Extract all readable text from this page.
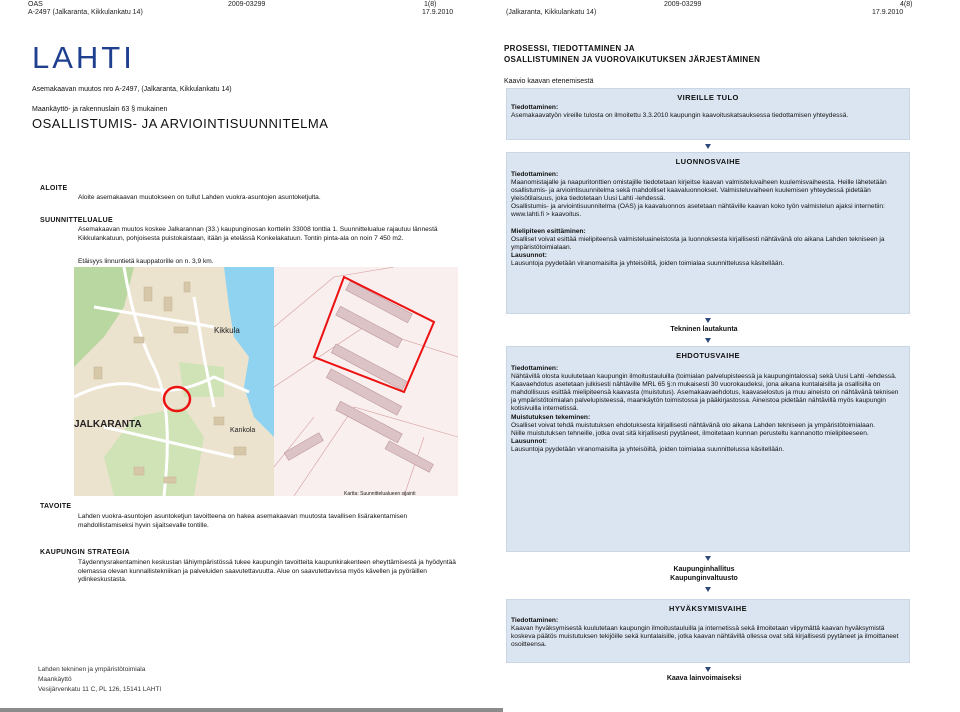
OAS
A-2497 (Jalkaranta, Kikkulankatu 14)
2009-03299	1(8)
17.9.2010
LAHTI
Asemakaavan muutos nro A-2497, (Jalkaranta, Kikkulankatu 14)
Maankäyttö- ja rakennuslain 63 § mukainen
OSALLISTUMIS- JA ARVIOINTISUUNNITELMA
ALOITE
Aloite asemakaavan muutokseen on tullut Lahden vuokra-asuntojen asuntoketjulta.
SUUNNITTELUALUE
Asemakaavan muutos koskee Jalkarannan (33.) kaupunginosan korttelin 33008 tonttia 1. Suunnittelualue rajautuu lännestä Kikkulankatuun, pohjoisesta puistokaistaan, itään ja etelässä Konkelakatuun. Tontin pinta-ala on noin 7 450 m2.
Etäisyys linnuntietä kauppatorille on n. 3,9 km.
Kikkula
JALKARANTA
Kankola
Kartta: Suunnittelualueen sijainti
TAVOITE
Lahden vuokra-asuntojen asuntoketjun tavoitteena on hakea asemakaavan muutosta tavallisen lisärakentamisen mahdollistamiseksi hyvin sijaitsevalle tontille.
KAUPUNGIN STRATEGIA
Täydennysrakentaminen keskustan lähiympäristössä tukee kaupungin tavoitteita kaupunkirakenteen eheyttämisestä ja hyödyntää olemassa olevan kunnallistekniikan ja palveluiden saavutettavuutta. Alue on saavutettavissa myös kävellen ja pyöräillen ydinkeskustasta.
Lahden tekninen ja ympäristötoimiala
Maankäyttö
Vesijärvenkatu 11 C, PL 126, 15141 LAHTI
(Jalkaranta, Kikkulankatu 14)
2009-03299	4(8)
17.9.2010
PROSESSI, TIEDOTTAMINEN JA
OSALLISTUMINEN JA VUOROVAIKUTUKSEN JÄRJESTÄMINEN
Kaavio kaavan etenemisestä
VIREILLE TULO
Tiedottaminen:
Asemakaavatyön vireille tulosta on ilmoitettu 3.3.2010 kaupungin kaavoituskatsauksessa tiedottamisen yhteydessä.
LUONNOSVAIHE
Tiedottaminen:
Maanomistajalle ja naapuritonttien omistajille tiedotetaan kirjeitse kaavan valmisteluvaiheen kuulemisvaiheesta. Heille lähetetään osallistumis- ja arviointisuunnitelma sekä mahdolliset kaavaluonnokset. Valmisteluvaiheen kuulemisen yhteydessä pidetään yleisötilaisuus, joka tiedotetaan Uusi Lahti -lehdessä.
Osallistumis- ja arviointisuunnitelma (OAS) ja kaavaluonnos asetetaan nähtäville kaavan koko työn valmistelun ajaksi internetiin: www.lahti.fi > kaavoitus.

Mielipiteen esittäminen:
Osalliset voivat esittää mielipiteensä valmisteluaineistosta ja luonnoksesta kirjallisesti nähtävänä olo aikana Lahden tekniseen ja ympäristötoimialaan.
Lausunnot:
Lausuntoja pyydetään viranomaisilta ja yhteisöiltä, joiden toimialaa suunnittelussa käsitellään.
Tekninen lautakunta
EHDOTUSVAIHE
Tiedottaminen:
Nähtävillä olosta kuulutetaan kaupungin ilmoitustauluilla (toimialan palvelupisteessä ja kaupungintalossa) sekä Uusi Lahti -lehdessä.
Kaavaehdotus asetetaan julkisesti nähtäville MRL 65 §:n mukaisesti 30 vuorokaudeksi, jona aikana kuntalaisilla ja osallisilla on mahdollisuus esittää mielipiteensä kaavasta (muistutus). Asemakaavaehdotus, kaavaselostus ja muu aineisto on nähtävänä teknisen ja ympäristötoimialan palvelupisteessä, maankäytön toimistossa ja pääkirjastossa. Aineistoa pidetään nähtävillä myös kaupungin kotisivuilla internetissä.
Muistutuksen tekeminen:
Osalliset voivat tehdä muistutuksen ehdotuksesta kirjallisesti nähtävänä olo aikana Lahden tekniseen ja ympäristötoimialaan.
Niille muistutuksen tehneille, jotka ovat sitä kirjallisesti pyytäneet, ilmoitetaan kunnan perusteltu kannanotto mielipiteeseen.
Lausunnot:
Lausuntoja pyydetään viranomaisilta ja yhteisöiltä, joiden toimialaa suunnittelussa käsitellään.
Kaupunginhallitus
Kaupunginvaltuusto
HYVÄKSYMISVAIHE
Tiedottaminen:
Kaavan hyväksymisestä kuulutetaan kaupungin ilmoitustauluilla ja internetissä sekä ilmoitetaan viipymättä kaavan hyväksymistä koskeva päätös muistutuksen tekijöille sekä kuntalaisille, jotka kaavan nähtävillä ollessa ovat sitä kirjallisesti pyytäneet ja ilmoittaneet osoitteensa.
Kaava lainvoimaiseksi
